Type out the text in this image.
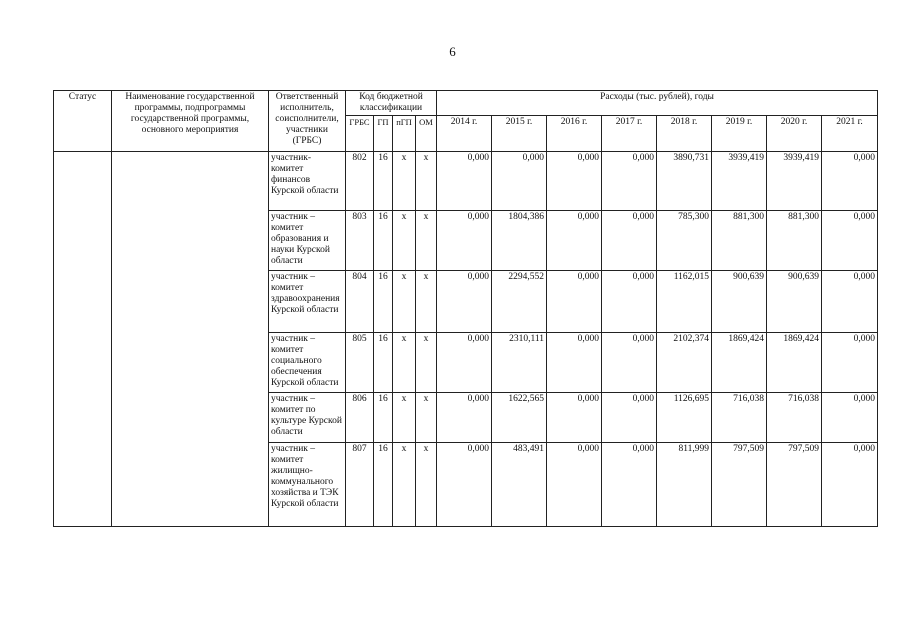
6
Статус	Наименование государственной программы, подпрограммы государственной программы, основного мероприятия	Ответственный исполнитель, соисполнители, участники (ГРБС)	Код бюджетной классификации				Расходы (тыс. рублей), годы							
			ГРБС	ГП	пГП	ОМ	2014 г.	2015 г.	2016 г.	2017 г.	2018 г.	2019 г.	2020 г.	2021 г.
		участник- комитет финансов Курской области	802	16	х	х	0,000	0,000	0,000	0,000	3890,731	3939,419	3939,419	0,000
		участник – комитет образования и науки Курской области	803	16	х	х	0,000	1804,386	0,000	0,000	785,300	881,300	881,300	0,000
		участник – комитет здравоохранения Курской области	804	16	х	х	0,000	2294,552	0,000	0,000	1162,015	900,639	900,639	0,000
		участник – комитет социального обеспечения Курской области	805	16	х	х	0,000	2310,111	0,000	0,000	2102,374	1869,424	1869,424	0,000
		участник – комитет по культуре Курской области	806	16	х	х	0,000	1622,565	0,000	0,000	1126,695	716,038	716,038	0,000
		участник – комитет жилищно-коммунального хозяйства и ТЭК Курской области	807	16	х	х	0,000	483,491	0,000	0,000	811,999	797,509	797,509	0,000
